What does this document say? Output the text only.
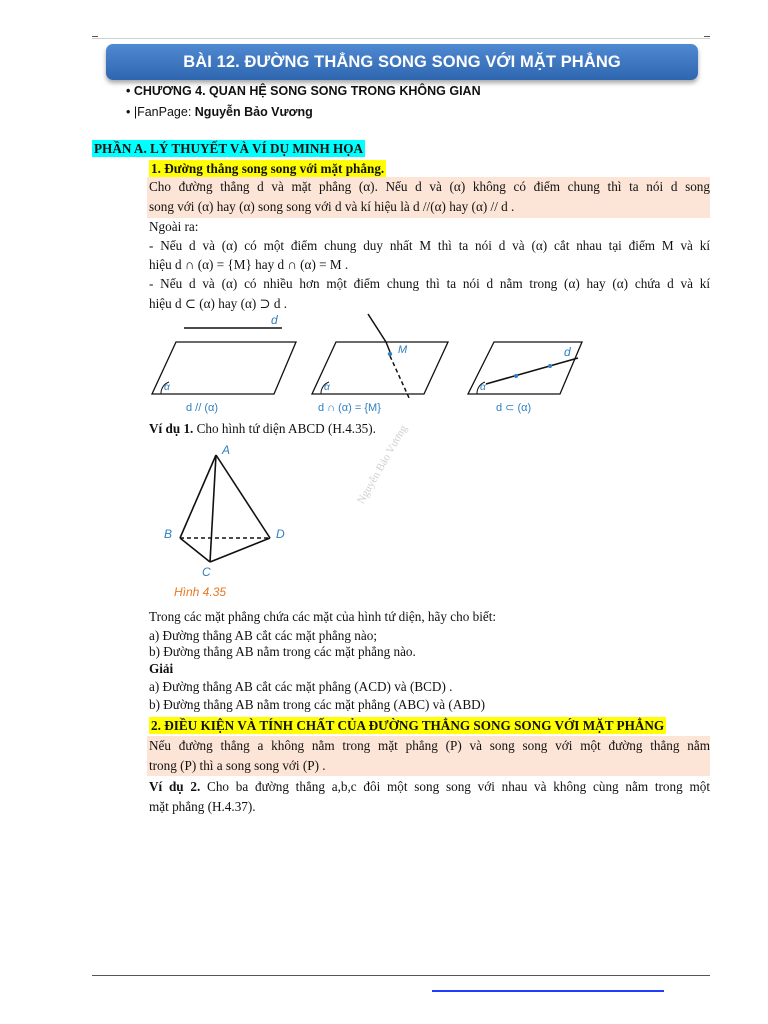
BÀI 12. ĐƯỜNG THẲNG SONG SONG VỚI MẶT PHẲNG
• CHƯƠNG 4. QUAN HỆ SONG SONG TRONG KHÔNG GIAN
• |FanPage: Nguyễn Bảo Vương
PHẦN A. LÝ THUYẾT VÀ VÍ DỤ MINH HỌA
1. Đường thẳng song song với mặt phẳng.
Cho đường thẳng d và mặt phẳng (α). Nếu d và (α) không có điểm chung thì ta nói d song
song với (α) hay (α) song song với d và kí hiệu là d //(α) hay (α) // d .
Ngoài ra:
- Nếu d và (α) có một điểm chung duy nhất M thì ta nói d và (α) cắt nhau tại điểm M và kí
hiệu d ∩ (α) = {M} hay d ∩ (α) = M .
- Nếu d và (α) có nhiều hơn một điểm chung thì ta nói d nằm trong (α) hay (α) chứa d và kí
hiệu d ⊂ (α) hay (α) ⊃ d .
d
α
d // (α)
α
M
d ∩ (α) = {M}
α
d
d ⊂ (α)
Ví dụ 1. Cho hình tứ diện ABCD (H.4.35).
A
B
C
D
Hình 4.35
Nguyễn Bảo Vương
Trong các mặt phẳng chứa các mặt của hình tứ diện, hãy cho biết:
a) Đường thẳng AB cắt các mặt phẳng nào;
b) Đường thẳng AB nằm trong các mặt phẳng nào.
Giải
a) Đường thẳng AB cắt các mặt phẳng (ACD) và (BCD) .
b) Đường thẳng AB nằm trong các mặt phẳng (ABC) và (ABD)
2. ĐIỀU KIỆN VÀ TÍNH CHẤT CỦA ĐƯỜNG THẲNG SONG SONG VỚI MẶT PHẲNG
Nếu đường thẳng a không nằm trong mặt phẳng (P) và song song với một đường thẳng nằm
trong (P) thì a song song với (P) .
Ví dụ 2. Cho ba đường thẳng a,b,c đôi một song song với nhau và không cùng nằm trong một
mặt phẳng (H.4.37).
